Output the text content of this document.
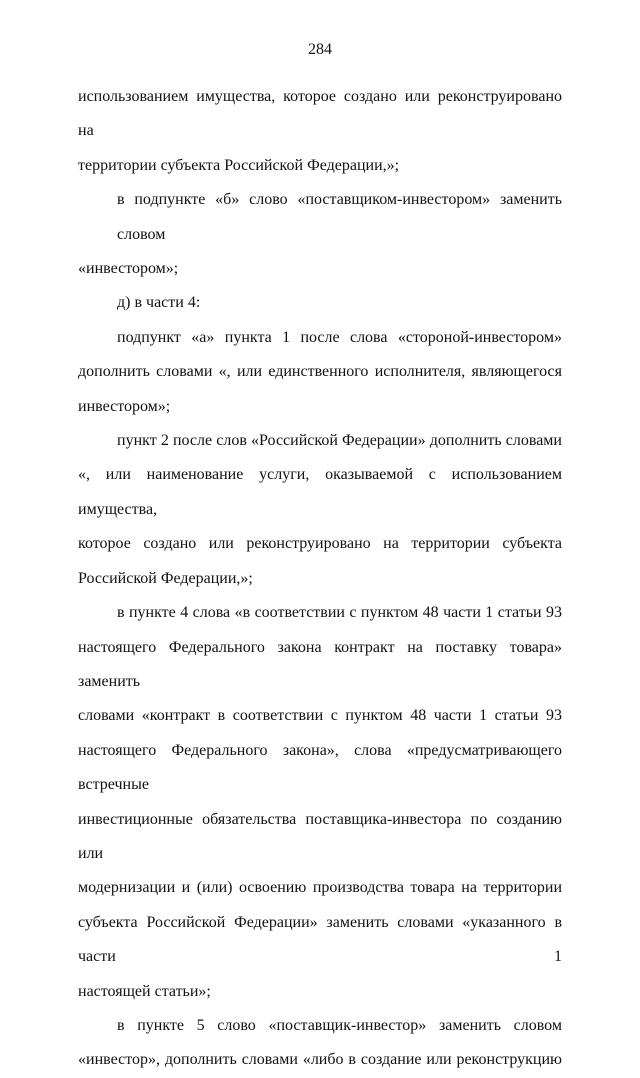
284

использованием имущества, которое создано или реконструировано на
территории субъекта Российской Федерации,»;

в подпункте «б» слово «поставщиком-инвестором» заменить словом
«инвестором»;

д) в части 4:

подпункт «а» пункта 1 после слова «стороной-инвестором»
дополнить словами «, или единственного исполнителя, являющегося
инвестором»;

пункт 2 после слов «Российской Федерации» дополнить словами
«, или наименование услуги, оказываемой с использованием имущества,
которое создано или реконструировано на территории субъекта
Российской Федерации,»;

в пункте 4 слова «в соответствии с пунктом 48 части 1 статьи 93
настоящего Федерального закона контракт на поставку товара» заменить
словами «контракт в соответствии с пунктом 48 части 1 статьи 93
настоящего Федерального закона», слова «предусматривающего встречные
инвестиционные обязательства поставщика-инвестора по созданию или
модернизации и (или) освоению производства товара на территории
субъекта Российской Федерации» заменить словами «указанного в части 1
настоящей статьи»;

в пункте 5 слово «поставщик-инвестор» заменить словом
«инвестор», дополнить словами «либо в создание или реконструкцию
